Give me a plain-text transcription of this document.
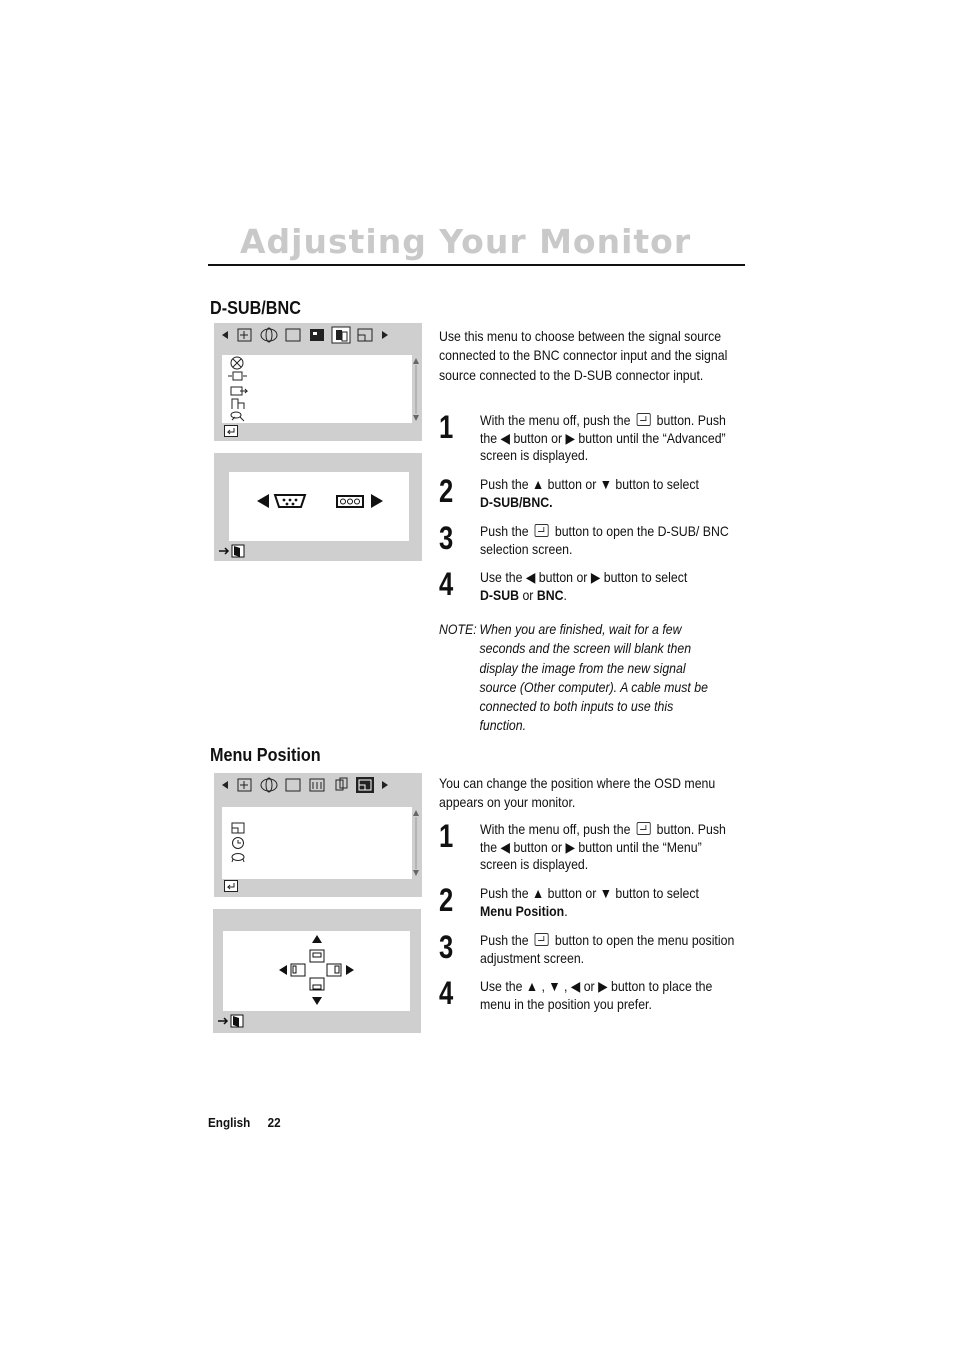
Adjusting Your Monitor
D-SUB/BNC
Use this menu to choose between the signal source connected to the BNC connector input and the signal source connected to the D-SUB connector input.
1 With the menu off, push the button. Push the ◀ button or ▶ button until the “Advanced” screen is displayed.
2 Push the ▲ button or ▼ button to select
D-SUB/BNC.
3 Push the button to open the D-SUB/ BNC selection screen.
4 Use the ◀ button or ▶ button to select
D-SUB or BNC.
NOTE: When you are finished, wait for a few seconds and the screen will blank then display the image from the new signal source (Other computer). A cable must be connected to both inputs to use this function.
Menu Position
You can change the position where the OSD menu appears on your monitor.
1 With the menu off, push the button. Push the ◀ button or ▶ button until the “Menu” screen is displayed.
2 Push the ▲ button or ▼ button to select
Menu Position.
3 Push the button to open the menu position adjustment screen.
4 Use the ▲ , ▼ , ◀ or ▶ button to place the menu in the position you prefer.
English 22
